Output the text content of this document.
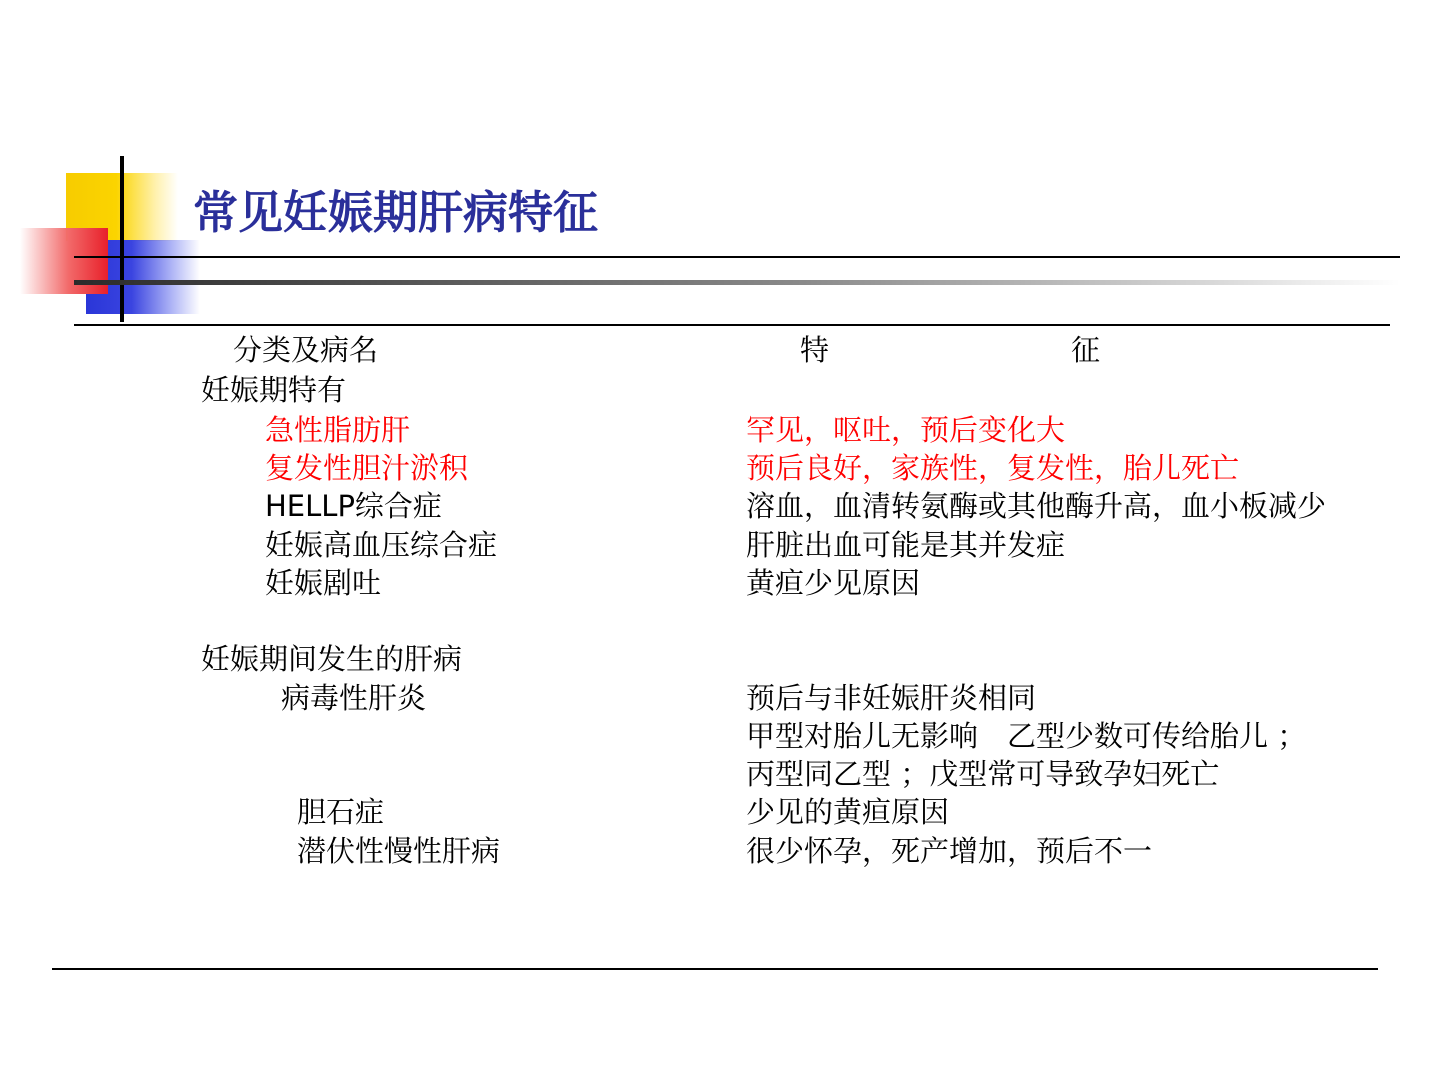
常见妊娠期肝病特征
分类及病名	特	征
妊娠期特有
急性脂肪肝	罕见，呕吐，预后变化大
复发性胆汁淤积	预后良好，家族性，复发性，胎儿死亡
HELLP综合症	溶血，血清转氨酶或其他酶升高，血小板减少
妊娠高血压综合症	肝脏出血可能是其并发症
妊娠剧吐	黄疸少见原因
妊娠期间发生的肝病
病毒性肝炎	预后与非妊娠肝炎相同
甲型对胎儿无影响　乙型少数可传给胎儿 ；
丙型同乙型 ；戊型常可导致孕妇死亡
胆石症	少见的黄疸原因
潜伏性慢性肝病	很少怀孕，死产增加，预后不一
